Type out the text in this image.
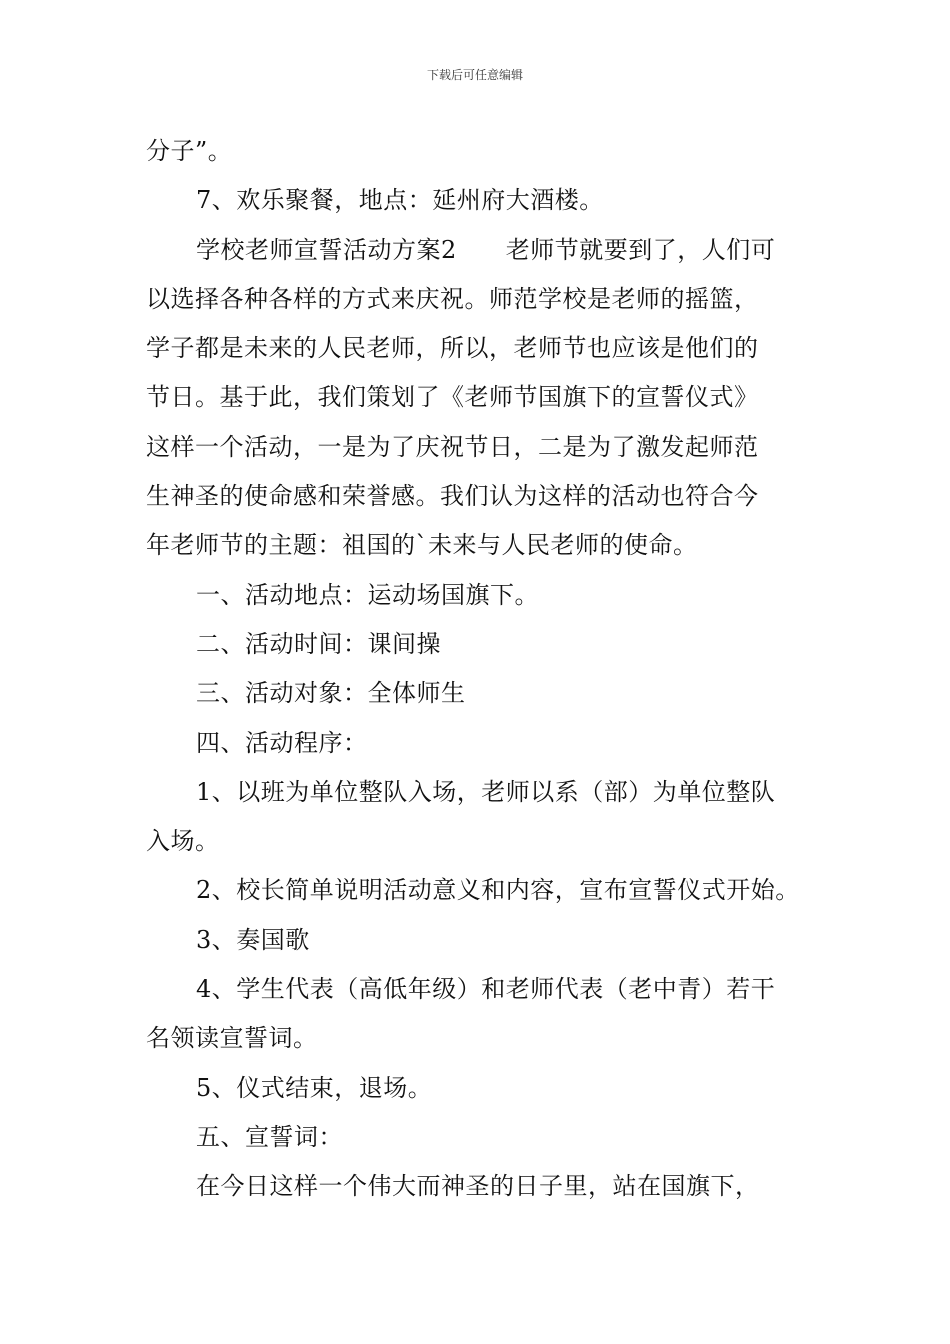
下载后可任意编辑
分子”。
7、欢乐聚餐，地点：延州府大酒楼。
学校老师宣誓活动方案2　　老师节就要到了，人们可
以选择各种各样的方式来庆祝。师范学校是老师的摇篮，
学子都是未来的人民老师，所以，老师节也应该是他们的
节日。基于此，我们策划了《老师节国旗下的宣誓仪式》
这样一个活动，一是为了庆祝节日，二是为了激发起师范
生神圣的使命感和荣誉感。我们认为这样的活动也符合今
年老师节的主题：祖国的`未来与人民老师的使命。
一、活动地点：运动场国旗下。
二、活动时间：课间操
三、活动对象：全体师生
四、活动程序：
1、以班为单位整队入场，老师以系（部）为单位整队
入场。
2、校长简单说明活动意义和内容，宣布宣誓仪式开始。
3、奏国歌
4、学生代表（高低年级）和老师代表（老中青）若干
名领读宣誓词。
5、仪式结束，退场。
五、宣誓词：
在今日这样一个伟大而神圣的日子里，站在国旗下，
